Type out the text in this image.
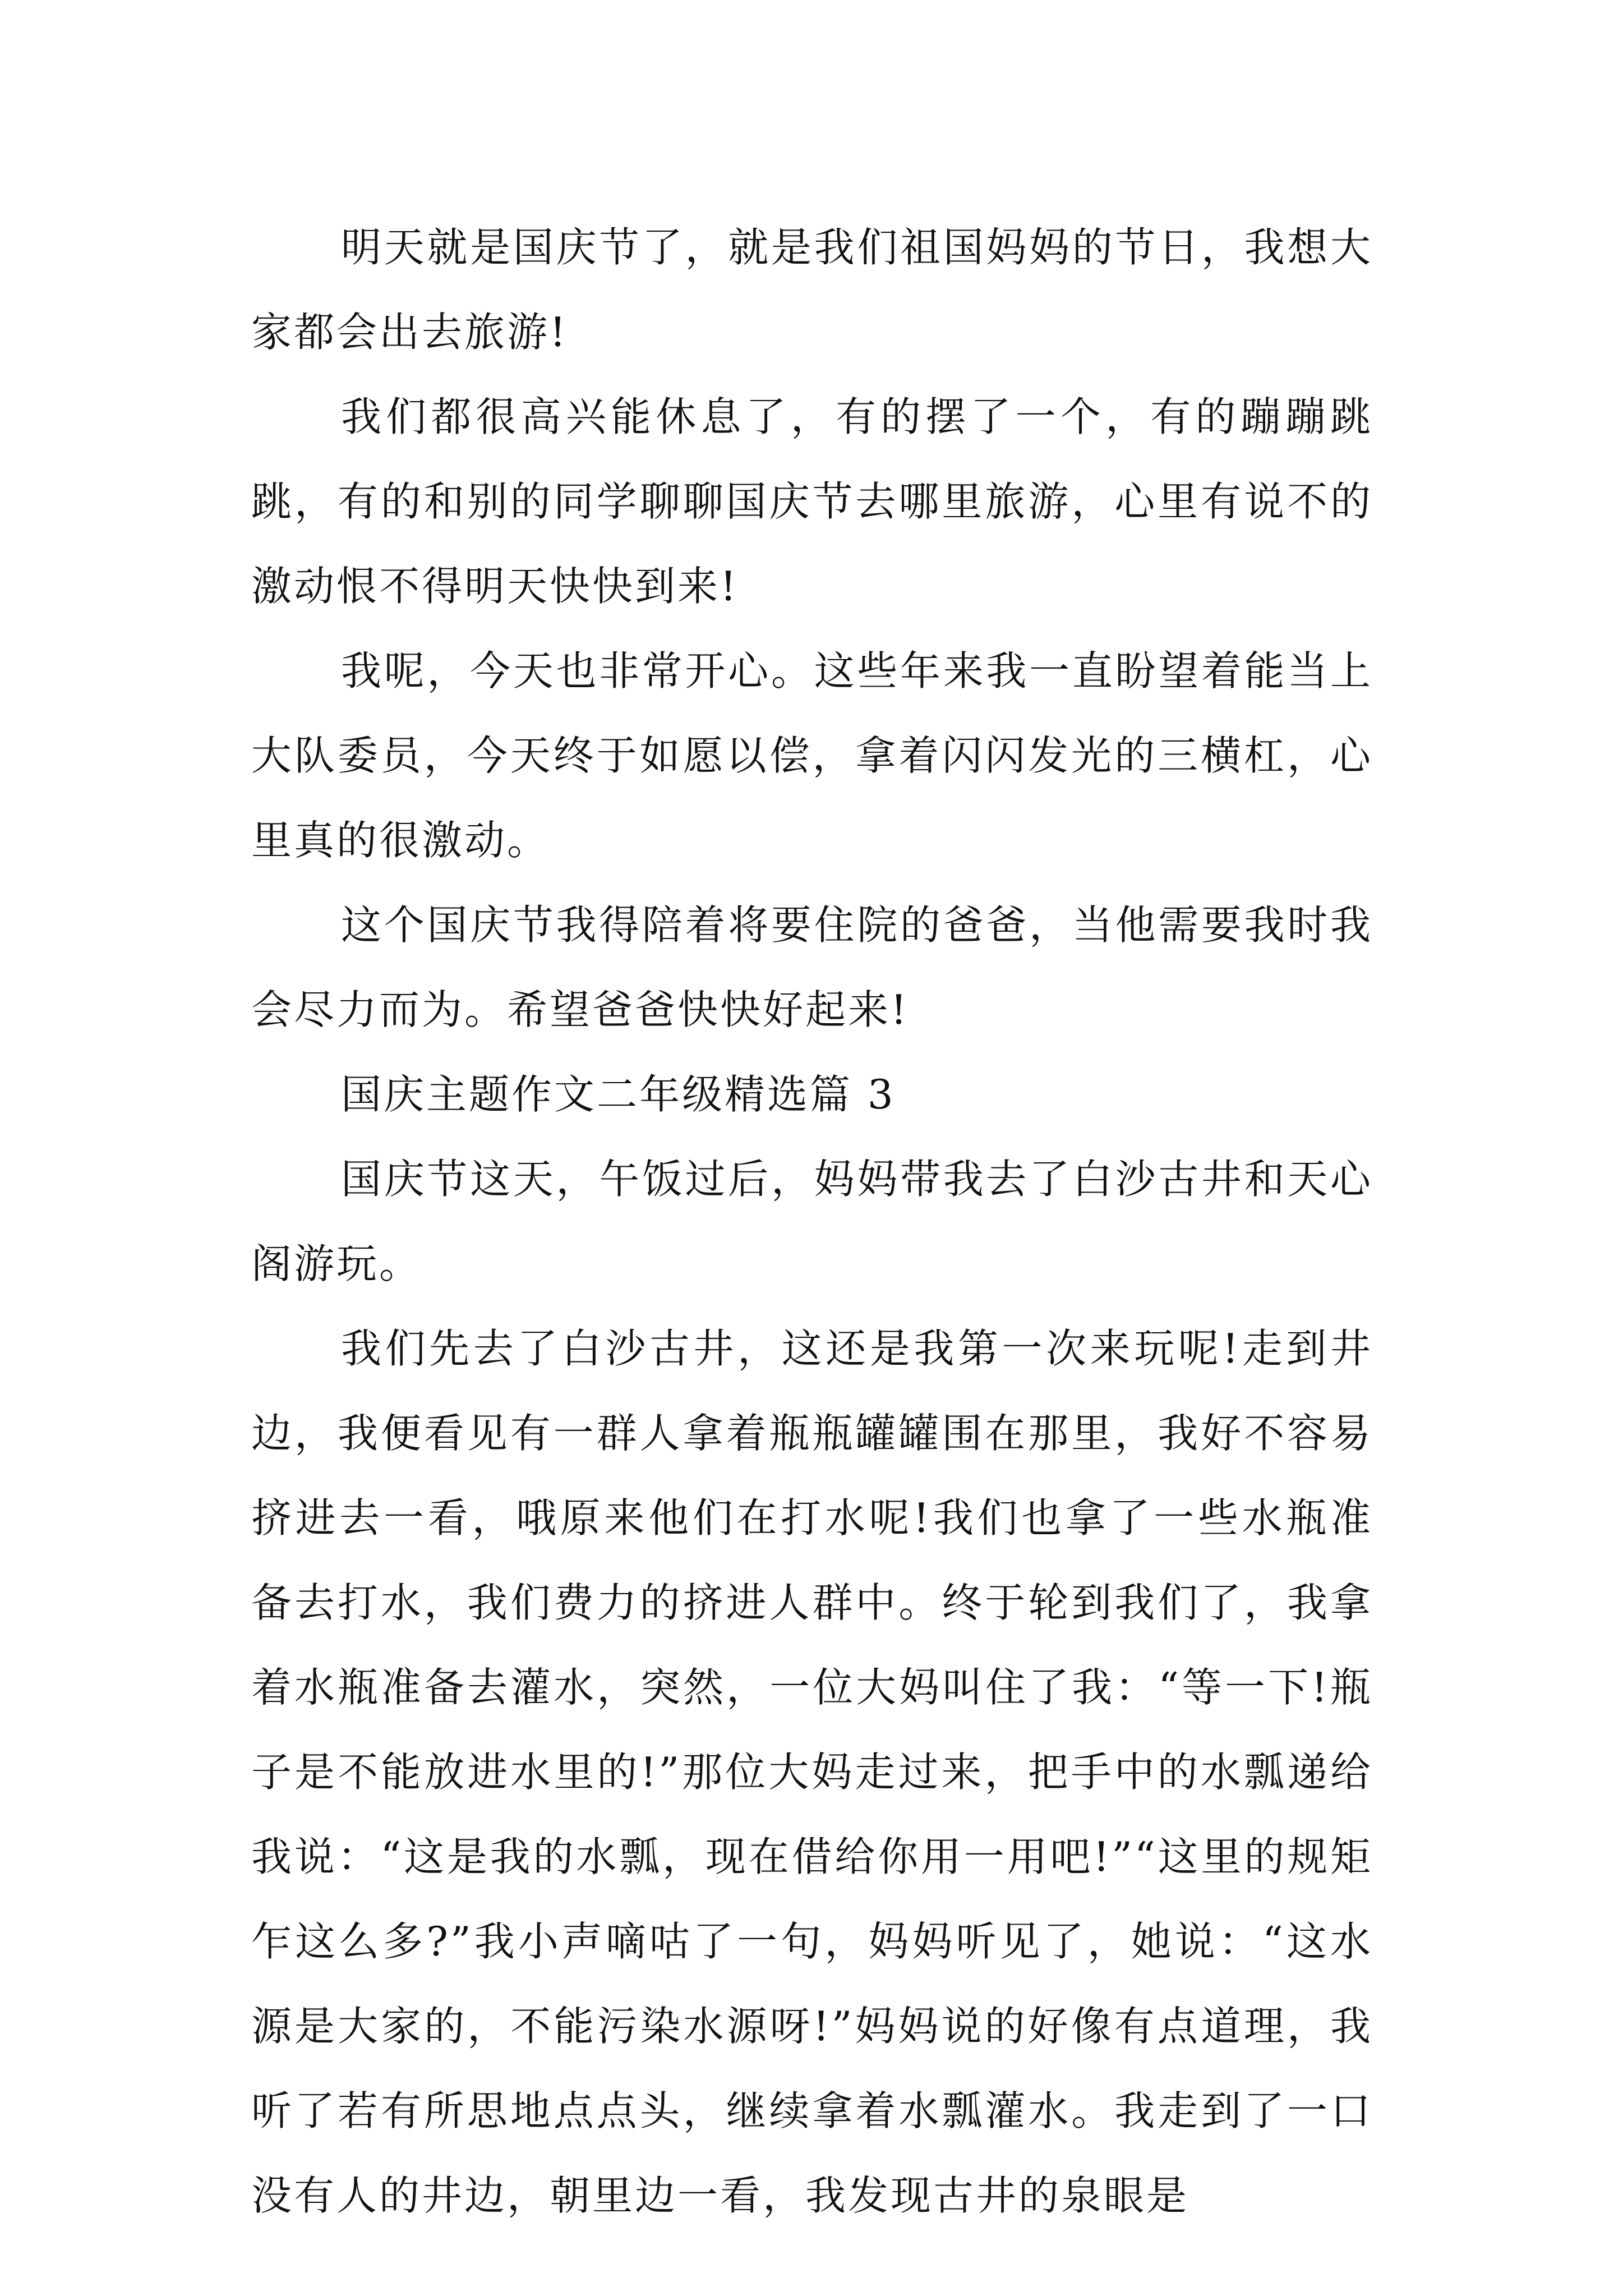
明天就是国庆节了，就是我们祖国妈妈的节日，我想大家都会出去旅游!

我们都很高兴能休息了，有的摆了一个，有的蹦蹦跳跳，有的和别的同学聊聊国庆节去哪里旅游，心里有说不的激动恨不得明天快快到来!

我呢，今天也非常开心。这些年来我一直盼望着能当上大队委员，今天终于如愿以偿，拿着闪闪发光的三横杠，心里真的很激动。

这个国庆节我得陪着将要住院的爸爸，当他需要我时我会尽力而为。希望爸爸快快好起来!

国庆主题作文二年级精选篇 3

国庆节这天，午饭过后，妈妈带我去了白沙古井和天心阁游玩。

我们先去了白沙古井，这还是我第一次来玩呢!走到井边，我便看见有一群人拿着瓶瓶罐罐围在那里，我好不容易挤进去一看，哦原来他们在打水呢!我们也拿了一些水瓶准备去打水，我们费力的挤进人群中。终于轮到我们了，我拿着水瓶准备去灌水，突然，一位大妈叫住了我：“等一下!瓶子是不能放进水里的!”那位大妈走过来，把手中的水瓢递给我说：“这是我的水瓢，现在借给你用一用吧!”“这里的规矩乍这么多?”我小声嘀咕了一句，妈妈听见了，她说：“这水源是大家的，不能污染水源呀!”妈妈说的好像有点道理，我听了若有所思地点点头，继续拿着水瓢灌水。我走到了一口没有人的井边，朝里边一看，我发现古井的泉眼是
